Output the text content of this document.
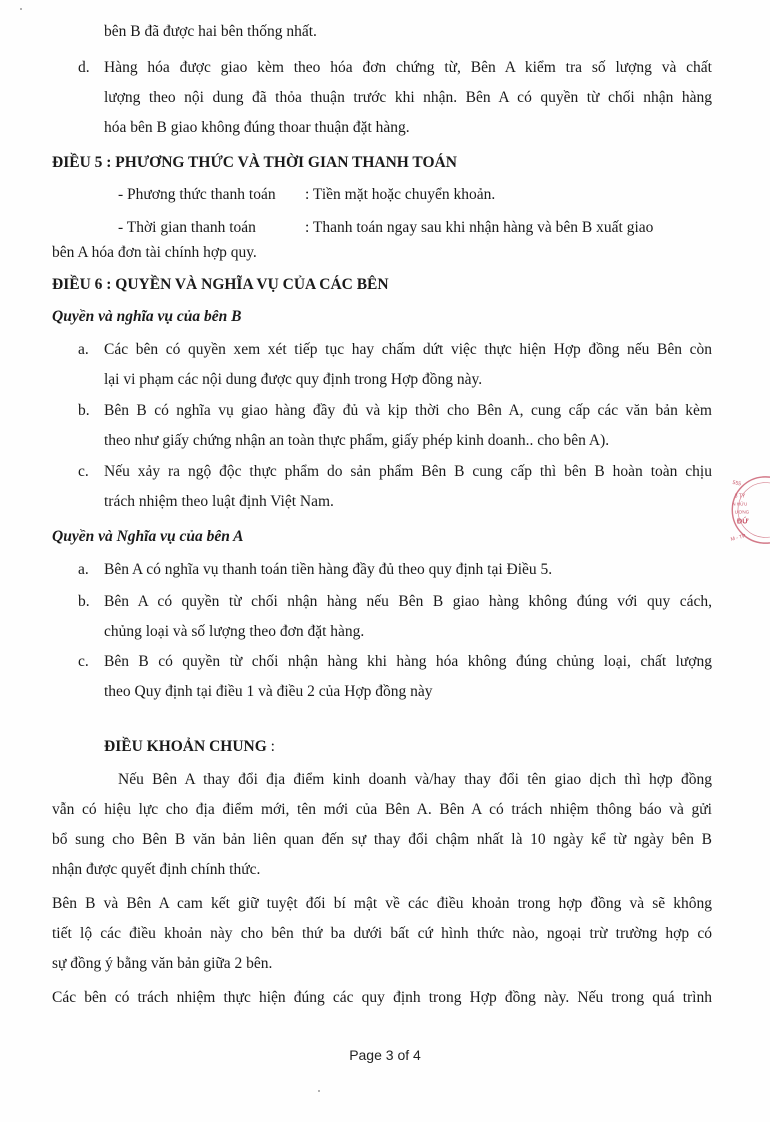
bên B đã được hai bên thống nhất.
d. Hàng hóa được giao kèm theo hóa đơn chứng từ, Bên A kiểm tra số lượng và chất
lượng theo nội dung đã thỏa thuận trước khi nhận. Bên A có quyền từ chối nhận hàng
hóa bên B giao không đúng thoar thuận đặt hàng.
ĐIỀU 5 : PHƯƠNG THỨC VÀ THỜI GIAN THANH TOÁN
- Phương thức thanh toán : Tiền mặt hoặc chuyển khoản.
- Thời gian thanh toán	: Thanh toán ngay sau khi nhận hàng và bên B xuất giao
bên A hóa đơn tài chính hợp quy.
ĐIỀU 6 : QUYỀN VÀ NGHĨA VỤ CỦA CÁC BÊN
Quyền và nghĩa vụ của bên B
a. Các bên có quyền xem xét tiếp tục hay chấm dứt việc thực hiện Hợp đồng nếu Bên còn
lại vi phạm các nội dung được quy định trong Hợp đồng này.
b. Bên B có nghĩa vụ giao hàng đầy đủ và kịp thời cho Bên A, cung cấp các văn bản kèm
theo như giấy chứng nhận an toàn thực phẩm, giấy phép kinh doanh.. cho bên A).
c. Nếu xảy ra ngộ độc thực phẩm do sản phẩm Bên B cung cấp thì bên B hoàn toàn chịu
trách nhiệm theo luật định Việt Nam.
Quyền và Nghĩa vụ của bên A
a. Bên A có nghĩa vụ thanh toán tiền hàng đầy đủ theo quy định tại Điều 5.
b. Bên A có quyền từ chối nhận hàng nếu Bên B giao hàng không đúng với quy cách,
chủng loại và số lượng theo đơn đặt hàng.
c. Bên B có quyền từ chối nhận hàng khi hàng hóa không đúng chủng loại, chất lượng
theo Quy định tại điều 1 và điều 2 của Hợp đồng này
ĐIỀU KHOẢN CHUNG :
Nếu Bên A thay đổi địa điểm kinh doanh và/hay thay đổi tên giao dịch thì hợp đồng
vẫn có hiệu lực cho địa điểm mới, tên mới của Bên A. Bên A có trách nhiệm thông báo và gửi
bổ sung cho Bên B văn bản liên quan đến sự thay đổi chậm nhất là 10 ngày kể từ ngày bên B
nhận được quyết định chính thức.
Bên B và Bên A cam kết giữ tuyệt đối bí mật về các điều khoản trong hợp đồng và sẽ không
tiết lộ các điều khoản này cho bên thứ ba dưới bất cứ hình thức nào, ngoại trừ trường hợp có
sự đồng ý bằng văn bản giữa 2 bên.
Các bên có trách nhiệm thực hiện đúng các quy định trong Hợp đồng này. Nếu trong quá trình
555
3 TY
N HỮU
ƯƠNG
ĐỨ
M - TP
Page 3 of 4
